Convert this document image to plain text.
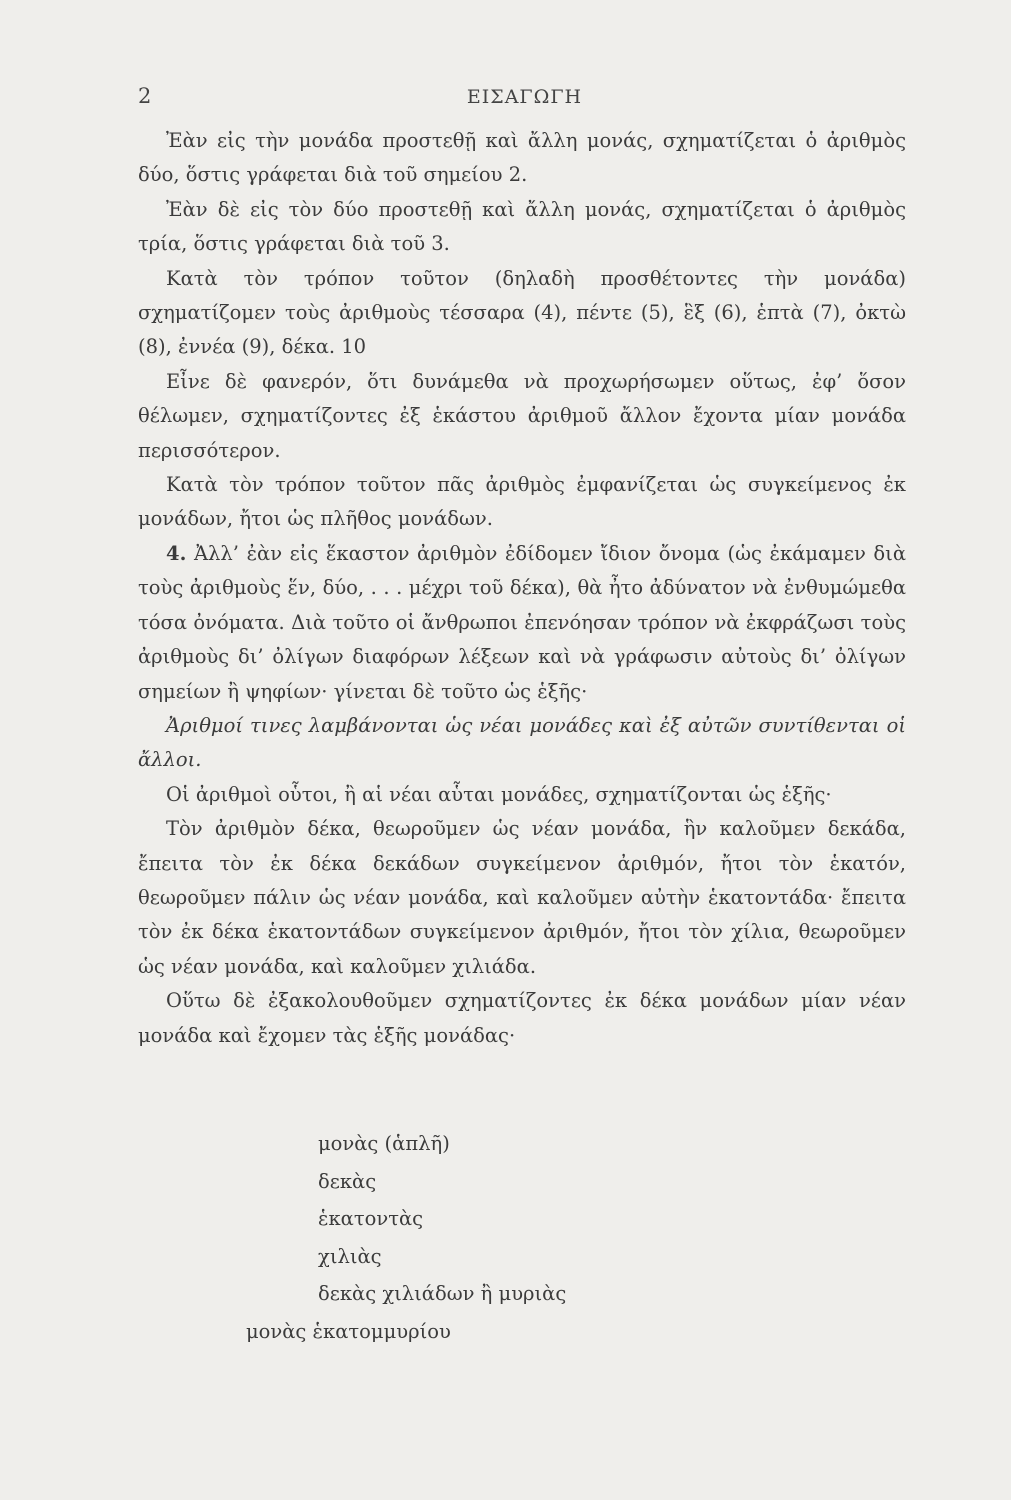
2	ΕΙΣΑΓΩΓΗ

Ἐὰν εἰς τὴν μονάδα προστεθῇ καὶ ἄλλη μονάς, σχηματίζεται ὁ ἀριθμὸς δύο, ὅστις γράφεται διὰ τοῦ σημείου 2.

Ἐὰν δὲ εἰς τὸν δύο προστεθῇ καὶ ἄλλη μονάς, σχηματίζεται ὁ ἀριθμὸς τρία, ὅστις γράφεται διὰ τοῦ 3.

Κατὰ τὸν τρόπον τοῦτον (δηλαδὴ προσθέτοντες τὴν μονάδα) σχηματίζομεν τοὺς ἀριθμοὺς τέσσαρα (4), πέντε (5), ἓξ (6), ἑπτὰ (7), ὀκτὼ (8), ἐννέα (9), δέκα. 10

Εἶνε δὲ φανερόν, ὅτι δυνάμεθα νὰ προχωρήσωμεν οὕτως, ἐφ’ ὅσον θέλωμεν, σχηματίζοντες ἐξ ἑκάστου ἀριθμοῦ ἄλλον ἔχοντα μίαν μονάδα περισσότερον.

Κατὰ τὸν τρόπον τοῦτον πᾶς ἀριθμὸς ἐμφανίζεται ὡς συγκείμενος ἐκ μονάδων, ἤτοι ὡς πλῆθος μονάδων.

4. Ἀλλ’ ἐὰν εἰς ἕκαστον ἀριθμὸν ἐδίδομεν ἴδιον ὄνομα (ὡς ἐκάμαμεν διὰ τοὺς ἀριθμοὺς ἕν, δύο, . . . μέχρι τοῦ δέκα), θὰ ἦτο ἀδύνατον νὰ ἐνθυμώμεθα τόσα ὀνόματα. Διὰ τοῦτο οἱ ἄνθρωποι ἐπενόησαν τρόπον νὰ ἐκφράζωσι τοὺς ἀριθμοὺς δι’ ὀλίγων διαφόρων λέξεων καὶ νὰ γράφωσιν αὐτοὺς δι’ ὀλίγων σημείων ἢ ψηφίων· γίνεται δὲ τοῦτο ὡς ἑξῆς·

Ἀριθμοί τινες λαμβάνονται ὡς νέαι μονάδες καὶ ἐξ αὐτῶν συντίθενται οἱ ἄλλοι.

Οἱ ἀριθμοὶ οὗτοι, ἢ αἱ νέαι αὗται μονάδες, σχηματίζονται ὡς ἑξῆς·

Τὸν ἀριθμὸν δέκα, θεωροῦμεν ὡς νέαν μονάδα, ἣν καλοῦμεν δεκάδα, ἔπειτα τὸν ἐκ δέκα δεκάδων συγκείμενον ἀριθμόν, ἤτοι τὸν ἑκατόν, θεωροῦμεν πάλιν ὡς νέαν μονάδα, καὶ καλοῦμεν αὐτὴν ἑκατοντάδα· ἔπειτα τὸν ἐκ δέκα ἑκατοντάδων συγκείμενον ἀριθμόν, ἤτοι τὸν χίλια, θεωροῦμεν ὡς νέαν μονάδα, καὶ καλοῦμεν χιλιάδα.

Οὕτω δὲ ἐξακολουθοῦμεν σχηματίζοντες ἐκ δέκα μονάδων μίαν νέαν μονάδα καὶ ἔχομεν τὰς ἑξῆς μονάδας·

μονὰς (ἁπλῆ)
δεκὰς
ἑκατοντὰς
χιλιὰς
δεκὰς χιλιάδων ἢ μυριὰς
μονὰς ἑκατομμυρίου
